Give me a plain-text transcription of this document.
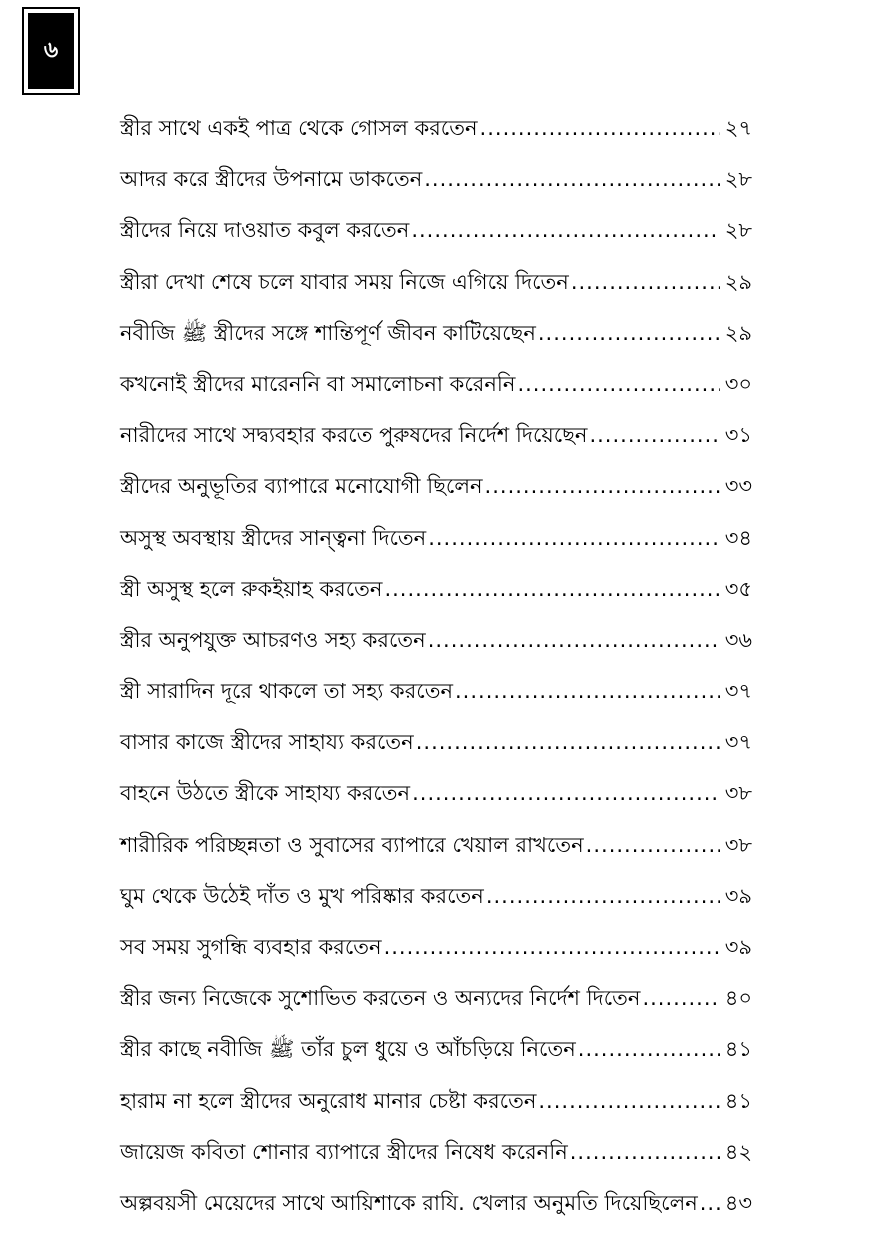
৬
স্ত্রীর সাথে একই পাত্র থেকে গোসল করতেন .....	২৭
আদর করে স্ত্রীদের উপনামে ডাকতেন .....	২৮
স্ত্রীদের নিয়ে দাওয়াত কবুল করতেন .....	২৮
স্ত্রীরা দেখা শেষে চলে যাবার সময় নিজে এগিয়ে দিতেন .....	২৯
নবীজি ﷺ স্ত্রীদের সঙ্গে শান্তিপূর্ণ জীবন কাটিয়েছেন .....	২৯
কখনোই স্ত্রীদের মারেননি বা সমালোচনা করেননি .....	৩০
নারীদের সাথে সদ্ব্যবহার করতে পুরুষদের নির্দেশ দিয়েছেন .....	৩১
স্ত্রীদের অনুভূতির ব্যাপারে মনোযোগী ছিলেন .....	৩৩
অসুস্থ অবস্থায় স্ত্রীদের সান্ত্বনা দিতেন .....	৩৪
স্ত্রী অসুস্থ হলে রুকইয়াহ করতেন .....	৩৫
স্ত্রীর অনুপযুক্ত আচরণও সহ্য করতেন .....	৩৬
স্ত্রী সারাদিন দূরে থাকলে তা সহ্য করতেন .....	৩৭
বাসার কাজে স্ত্রীদের সাহায্য করতেন .....	৩৭
বাহনে উঠতে স্ত্রীকে সাহায্য করতেন .....	৩৮
শারীরিক পরিচ্ছন্নতা ও সুবাসের ব্যাপারে খেয়াল রাখতেন .....	৩৮
ঘুম থেকে উঠেই দাঁত ও মুখ পরিষ্কার করতেন .....	৩৯
সব সময় সুগন্ধি ব্যবহার করতেন .....	৩৯
স্ত্রীর জন্য নিজেকে সুশোভিত করতেন ও অন্যদের নির্দেশ দিতেন .....	৪০
স্ত্রীর কাছে নবীজি ﷺ তাঁর চুল ধুয়ে ও আঁচড়িয়ে নিতেন .....	৪১
হারাম না হলে স্ত্রীদের অনুরোধ মানার চেষ্টা করতেন .....	৪১
জায়েজ কবিতা শোনার ব্যাপারে স্ত্রীদের নিষেধ করেননি .....	৪২
অল্পবয়সী মেয়েদের সাথে আয়িশাকে রাযি. খেলার অনুমতি দিয়েছিলেন ..... ৪৩
